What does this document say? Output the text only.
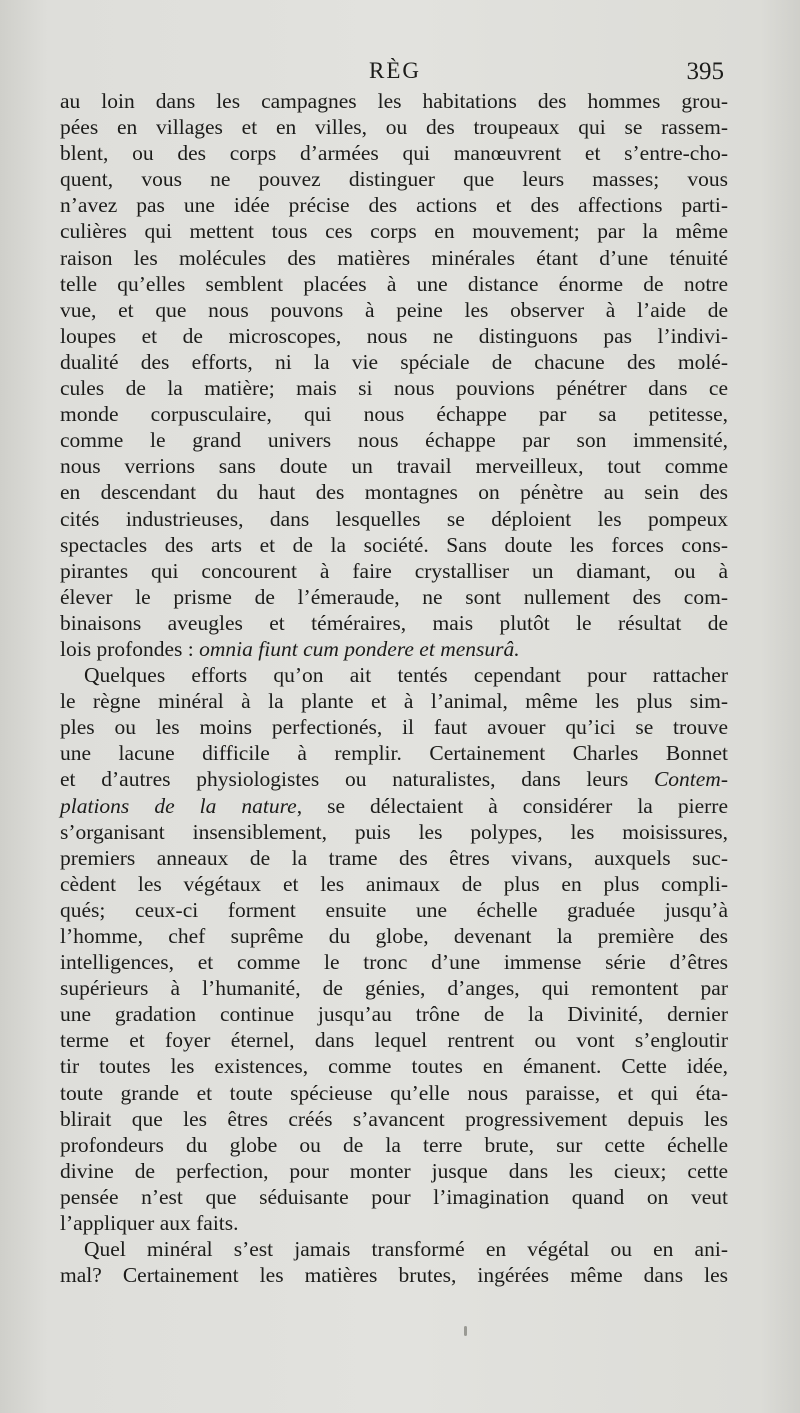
RÈG	395
au loin dans les campagnes les habitations des hommes grou-
pées en villages et en villes, ou des troupeaux qui se rassem-
blent, ou des corps d’armées qui manœuvrent et s’entre-cho-
quent, vous ne pouvez distinguer que leurs masses; vous
n’avez pas une idée précise des actions et des affections parti-
culières qui mettent tous ces corps en mouvement; par la même
raison les molécules des matières minérales étant d’une ténuité
telle qu’elles semblent placées à une distance énorme de notre
vue, et que nous pouvons à peine les observer à l’aide de
loupes et de microscopes, nous ne distinguons pas l’indivi-
dualité des efforts, ni la vie spéciale de chacune des molé-
cules de la matière; mais si nous pouvions pénétrer dans ce
monde corpusculaire, qui nous échappe par sa petitesse,
comme le grand univers nous échappe par son immensité,
nous verrions sans doute un travail merveilleux, tout comme
en descendant du haut des montagnes on pénètre au sein des
cités industrieuses, dans lesquelles se déploient les pompeux
spectacles des arts et de la société. Sans doute les forces cons-
pirantes qui concourent à faire crystalliser un diamant, ou à
élever le prisme de l’émeraude, ne sont nullement des com-
binaisons aveugles et téméraires, mais plutôt le résultat de
lois profondes : omnia fiunt cum pondere et mensurâ.
Quelques efforts qu’on ait tentés cependant pour rattacher
le règne minéral à la plante et à l’animal, même les plus sim-
ples ou les moins perfectionés, il faut avouer qu’ici se trouve
une lacune difficile à remplir. Certainement Charles Bonnet
et d’autres physiologistes ou naturalistes, dans leurs Contem-
plations de la nature, se délectaient à considérer la pierre
s’organisant insensiblement, puis les polypes, les moisissures,
premiers anneaux de la trame des êtres vivans, auxquels suc-
cèdent les végétaux et les animaux de plus en plus compli-
qués; ceux-ci forment ensuite une échelle graduée jusqu’à
l’homme, chef suprême du globe, devenant la première des
intelligences, et comme le tronc d’une immense série d’êtres
supérieurs à l’humanité, de génies, d’anges, qui remontent par
une gradation continue jusqu’au trône de la Divinité, dernier
terme et foyer éternel, dans lequel rentrent ou vont s’engloutir
tir toutes les existences, comme toutes en émanent. Cette idée,
toute grande et toute spécieuse qu’elle nous paraisse, et qui éta-
blirait que les êtres créés s’avancent progressivement depuis les
profondeurs du globe ou de la terre brute, sur cette échelle
divine de perfection, pour monter jusque dans les cieux; cette
pensée n’est que séduisante pour l’imagination quand on veut
l’appliquer aux faits.
Quel minéral s’est jamais transformé en végétal ou en ani-
mal? Certainement les matières brutes, ingérées même dans les
